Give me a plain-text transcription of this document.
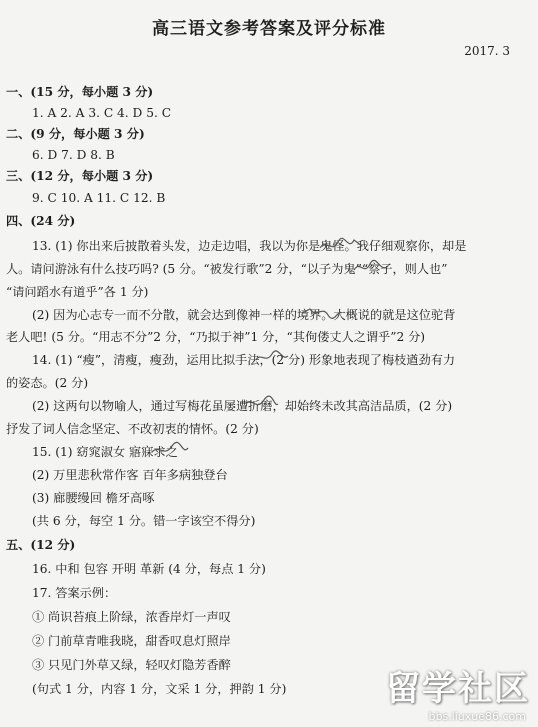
高三语文参考答案及评分标准
2017. 3
一、(15 分，每小题 3 分)
1. A 2. A 3. C 4. D 5. C
二、(9 分，每小题 3 分)
6. D 7. D 8. B
三、(12 分，每小题 3 分)
9. C 10. A 11. C 12. B
四、(24 分)
13. (1) 你出来后披散着头发，边走边唱，我以为你是鬼怪。我仔细观察你，却是
人。请问游泳有什么技巧吗? (5 分。“被发行歌”2 分，“以子为鬼”“察子，则人也”
“请问蹈水有道乎”各 1 分)
(2) 因为心志专一而不分散，就会达到像神一样的境界。大概说的就是这位驼背
老人吧! (5 分。“用志不分”2 分，“乃拟于神”1 分，“其佝偻丈人之谓乎”2 分)
14. (1) “瘦”，清瘦，瘦劲，运用比拟手法，(2 分) 形象地表现了梅枝遒劲有力
的姿态。(2 分)
(2) 这两句以物喻人，通过写梅花虽屡遭折磨，却始终未改其高洁品质，(2 分)
抒发了词人信念坚定、不改初衷的情怀。(2 分)
15. (1) 窈窕淑女 寤寐求之
(2) 万里悲秋常作客 百年多病独登台
(3) 廊腰缦回 檐牙高啄
(共 6 分，每空 1 分。错一字该空不得分)
五、(12 分)
16. 中和 包容 开明 革新 (4 分，每点 1 分)
17. 答案示例：
① 尚识苔痕上阶绿，浓香岸灯一声叹
② 门前草青唯我晓，甜香叹息灯照岸
③ 只见门外草又绿，轻叹灯隐芳香醉
(句式 1 分，内容 1 分，文采 1 分，押韵 1 分)	留学社区
bbs.liuxue86.com
